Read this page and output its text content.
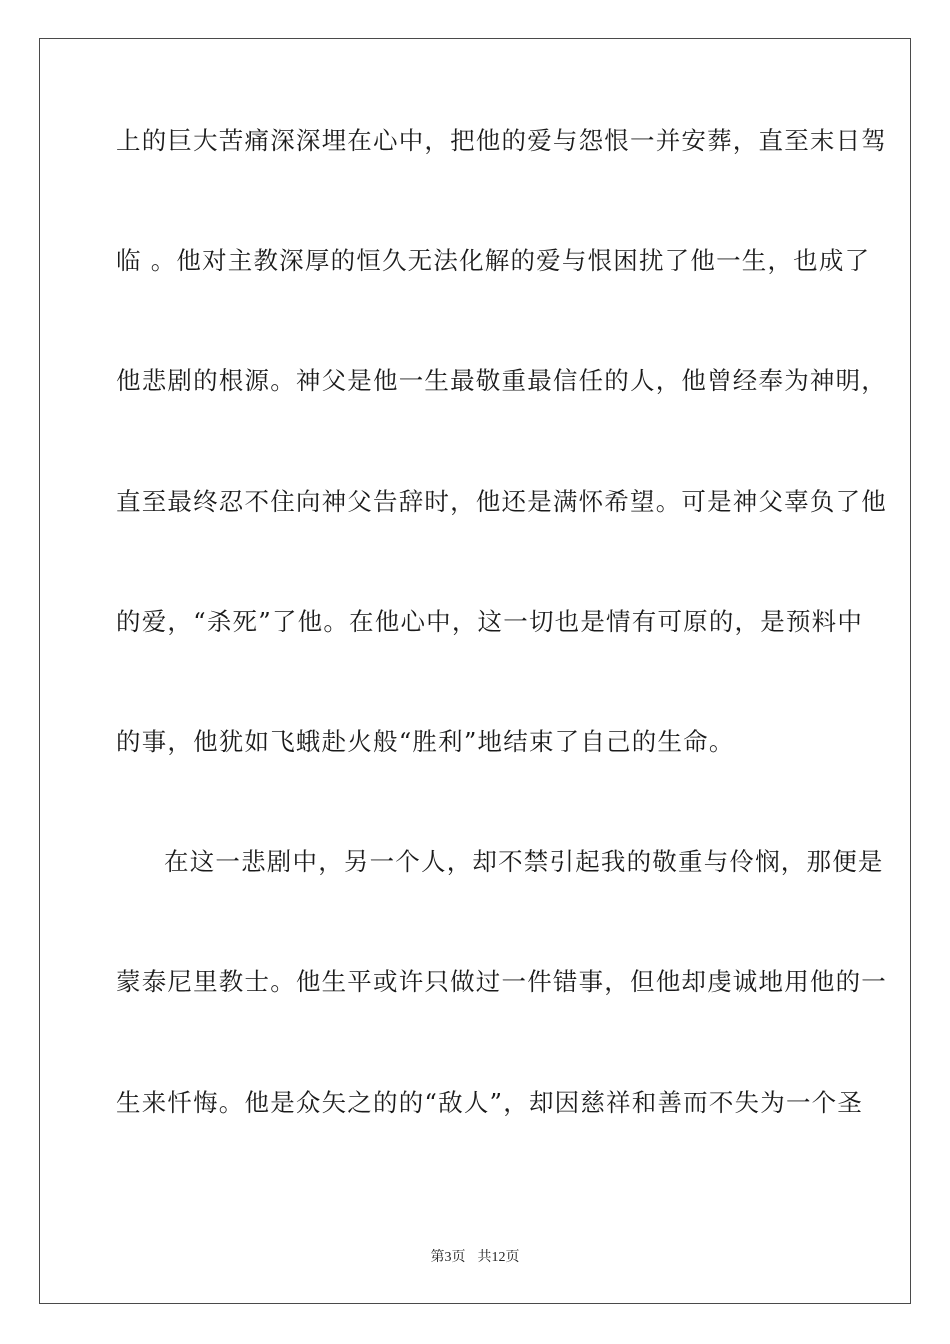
上的巨大苦痛深深埋在心中，把他的爱与怨恨一并安葬，直至末日驾

临 。他对主教深厚的恒久无法化解的爱与恨困扰了他一生，也成了

他悲剧的根源。神父是他一生最敬重最信任的人，他曾经奉为神明，

直至最终忍不住向神父告辞时，他还是满怀希望。可是神父辜负了他

的爱，“杀死”了他。在他心中，这一切也是情有可原的，是预料中

的事，他犹如飞蛾赴火般“胜利”地结束了自己的生命。

在这一悲剧中，另一个人，却不禁引起我的敬重与伶悯，那便是

蒙泰尼里教士。他生平或许只做过一件错事，但他却虔诚地用他的一

生来忏悔。他是众矢之的的“敌人”，却因慈祥和善而不失为一个圣

第3页 共12页
